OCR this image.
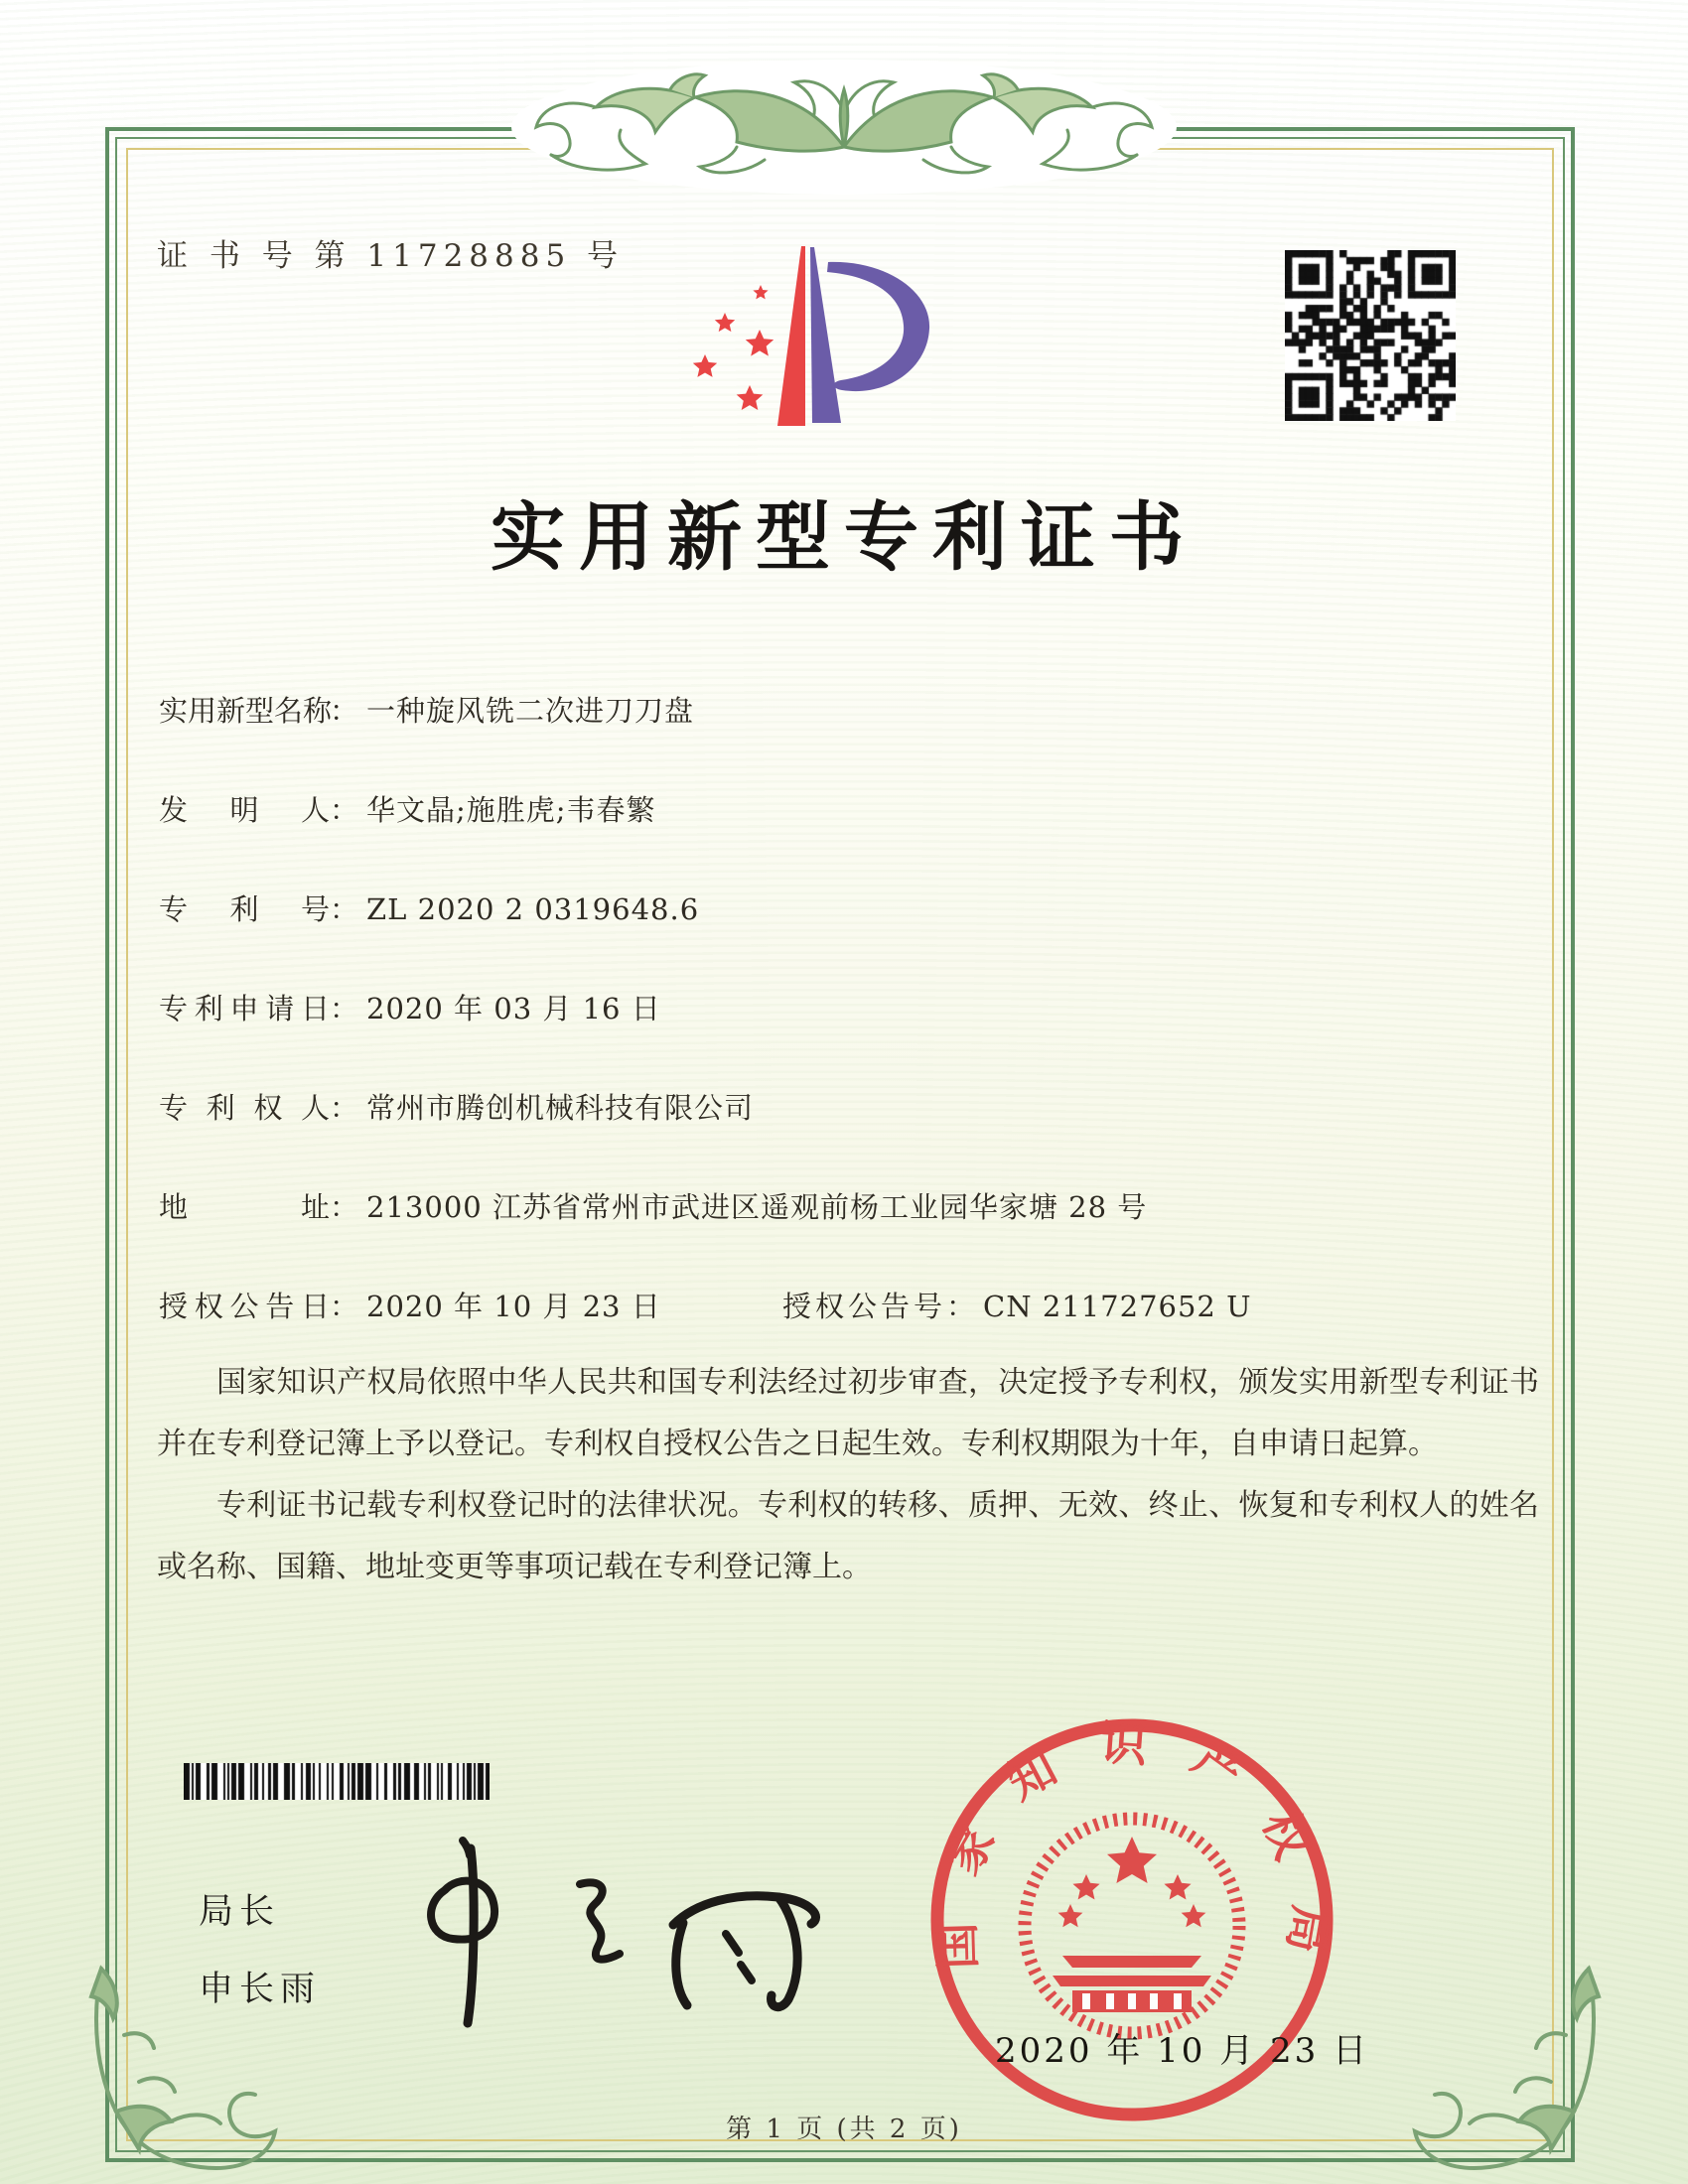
证 书 号 第 11728885 号
实用新型专利证书
实用新型名称： 一种旋风铣二次进刀刀盘
发明人： 华文晶;施胜虎;韦春繁
专利号： ZL 2020 2 0319648.6
专利申请日： 2020 年 03 月 16 日
专利权人： 常州市腾创机械科技有限公司
地址： 213000 江苏省常州市武进区遥观前杨工业园华家塘 28 号
授权公告日： 2020 年 10 月 23 日	授权公告号： CN 211727652 U

国家知识产权局依照中华人民共和国专利法经过初步审查，决定授予专利权，颁发实用新型专利证书并在专利登记簿上予以登记。专利权自授权公告之日起生效。专利权期限为十年，自申请日起算。

专利证书记载专利权登记时的法律状况。专利权的转移、质押、无效、终止、恢复和专利权人的姓名或名称、国籍、地址变更等事项记载在专利登记簿上。

局长
申长雨
国家知识产权局
2020 年 10 月 23 日
第 1 页 (共 2 页)
